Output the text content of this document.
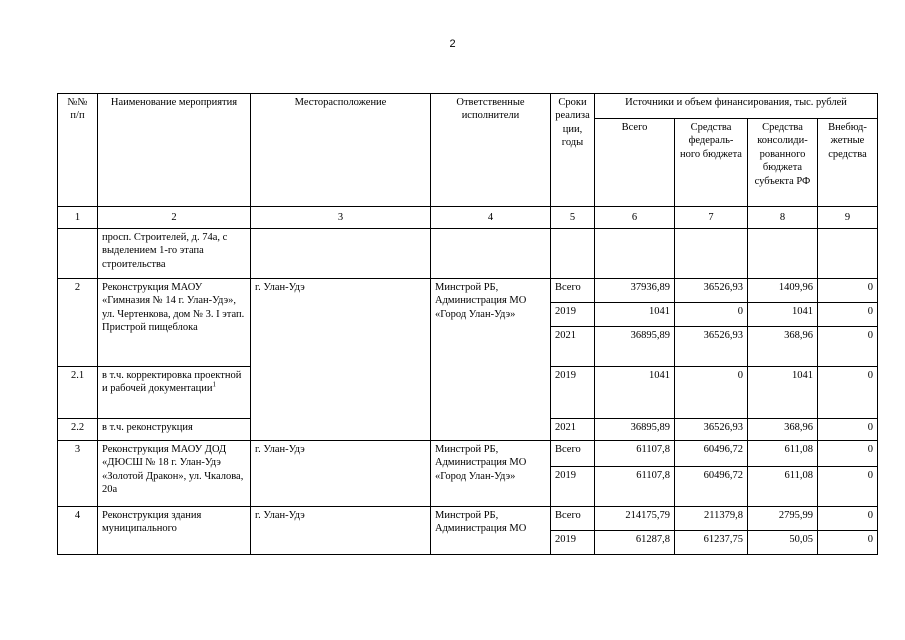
2
№№ п/п	Наименование мероприятия	Месторасположение	Ответственные исполнители	Сроки реализа ции, годы	Источники и объем финансирования, тыс. рублей			
					Всего	Средства федераль- ного бюджета	Средства консолиди- рованного бюджета субъекта РФ	Внебюд- жетные средства
1	2	3	4	5	6	7	8	9
	просп. Строителей, д. 74а, с выделением 1-го этапа строительства							
2	Реконструкция МАОУ «Гимназия № 14 г. Улан-Удэ», ул. Чертенкова, дом № 3. I этап. Пристрой пищеблока	г. Улан-Удэ	Минстрой РБ, Администрация МО «Город Улан-Удэ»	Всего	37936,89	36526,93	1409,96	0
				2019	1041	0	1041	0
				2021	36895,89	36526,93	368,96	0
2.1	в т.ч. корректировка проектной и рабочей документации$^1$			2019	1041	0	1041	0
2.2	в т.ч. реконструкция			2021	36895,89	36526,93	368,96	0
3	Реконструкция МАОУ ДОД «ДЮСШ № 18 г. Улан-Удэ «Золотой Дракон», ул. Чкалова, 20а	г. Улан-Удэ	Минстрой РБ, Администрация МО «Город Улан-Удэ»	Всего	61107,8	60496,72	611,08	0
				2019	61107,8	60496,72	611,08	0
4	Реконструкция здания муниципального	г. Улан-Удэ	Минстрой РБ, Администрация МО	Всего	214175,79	211379,8	2795,99	0
				2019	61287,8	61237,75	50,05	0
